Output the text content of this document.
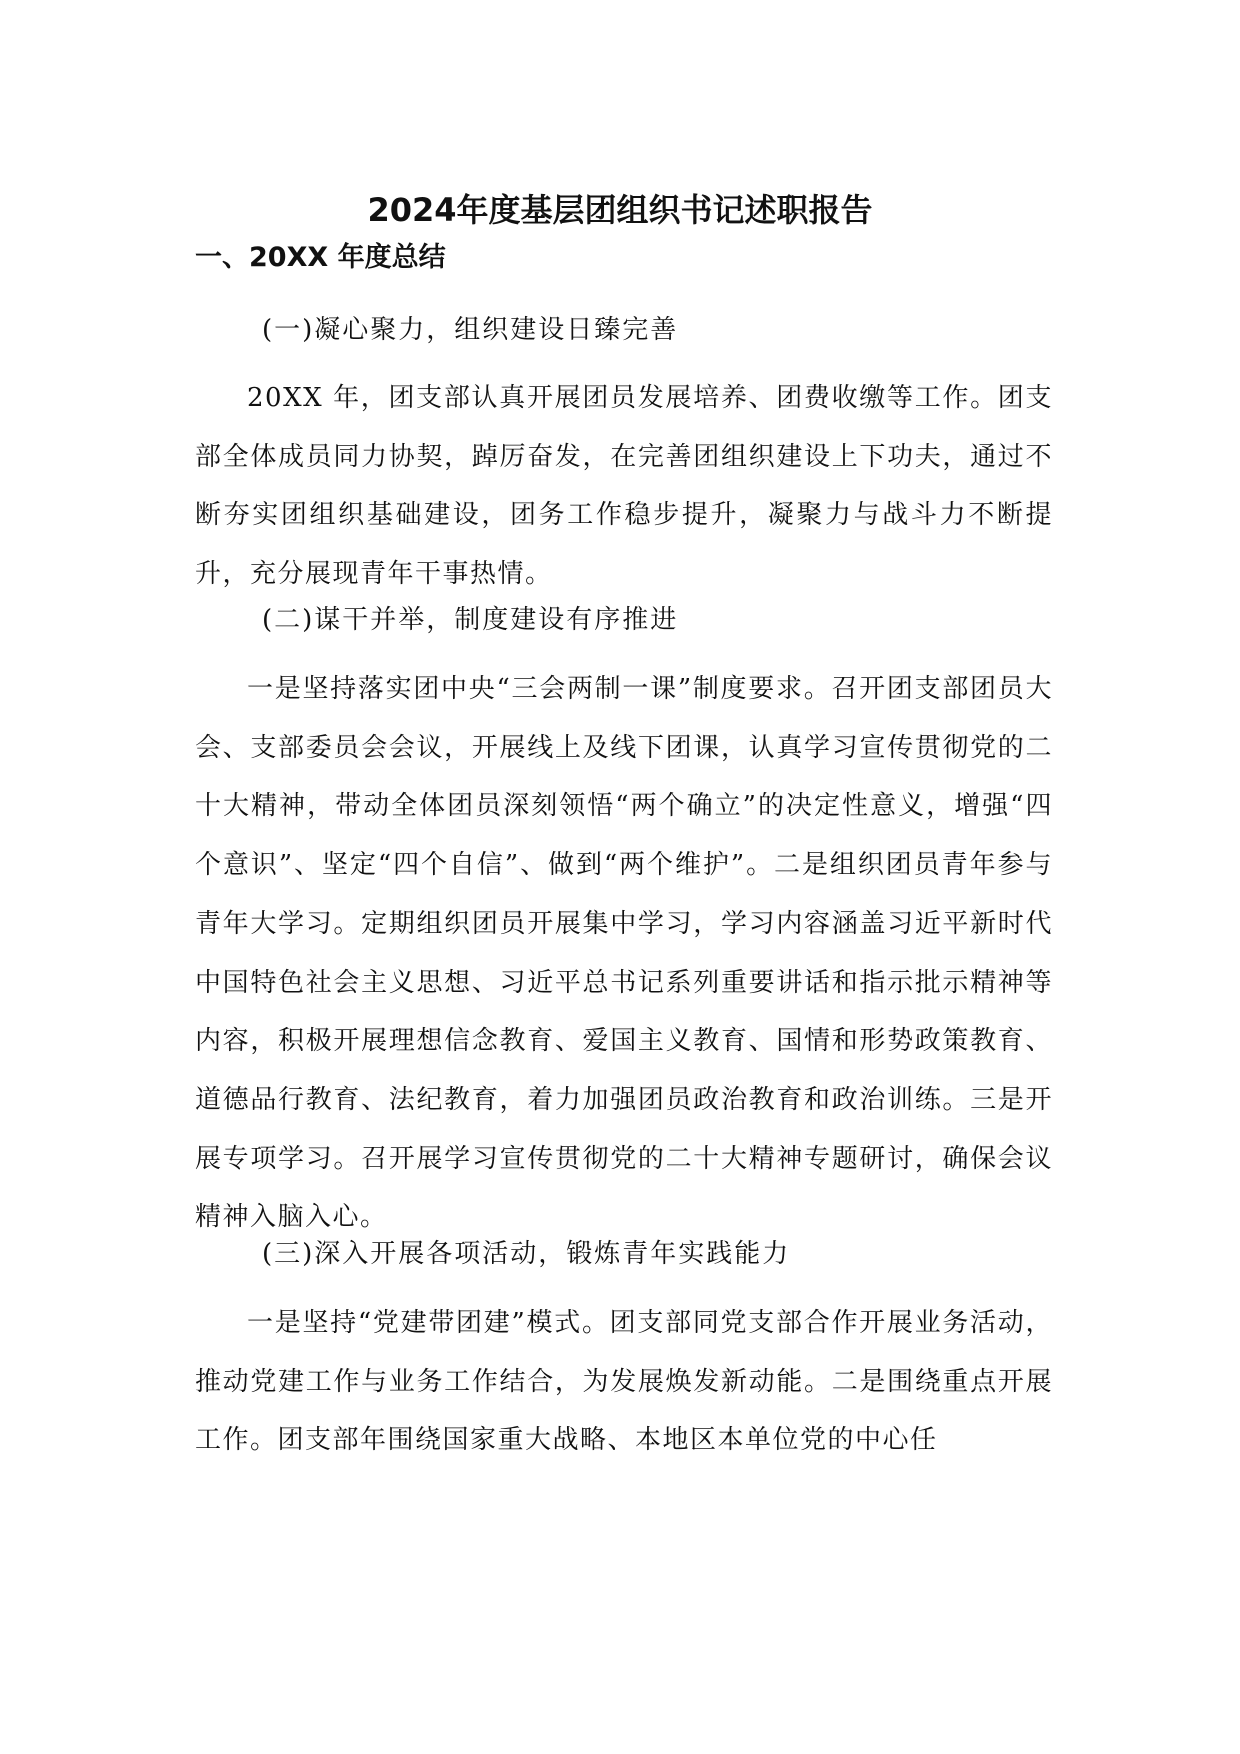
2024年度基层团组织书记述职报告
一、20XX 年度总结
(一)凝心聚力，组织建设日臻完善
20XX 年，团支部认真开展团员发展培养、团费收缴等工作。团支部全体成员同力协契，踔厉奋发，在完善团组织建设上下功夫，通过不断夯实团组织基础建设，团务工作稳步提升，凝聚力与战斗力不断提升，充分展现青年干事热情。
(二)谋干并举，制度建设有序推进
一是坚持落实团中央“三会两制一课”制度要求。召开团支部团员大会、支部委员会会议，开展线上及线下团课，认真学习宣传贯彻党的二十大精神，带动全体团员深刻领悟“两个确立”的决定性意义，增强“四个意识”、坚定“四个自信”、做到“两个维护”。二是组织团员青年参与青年大学习。定期组织团员开展集中学习，学习内容涵盖习近平新时代中国特色社会主义思想、习近平总书记系列重要讲话和指示批示精神等内容，积极开展理想信念教育、爱国主义教育、国情和形势政策教育、道德品行教育、法纪教育，着力加强团员政治教育和政治训练。三是开展专项学习。召开展学习宣传贯彻党的二十大精神专题研讨，确保会议精神入脑入心。
(三)深入开展各项活动，锻炼青年实践能力
一是坚持“党建带团建”模式。团支部同党支部合作开展业务活动，推动党建工作与业务工作结合，为发展焕发新动能。二是围绕重点开展工作。团支部年围绕国家重大战略、本地区本单位党的中心任
